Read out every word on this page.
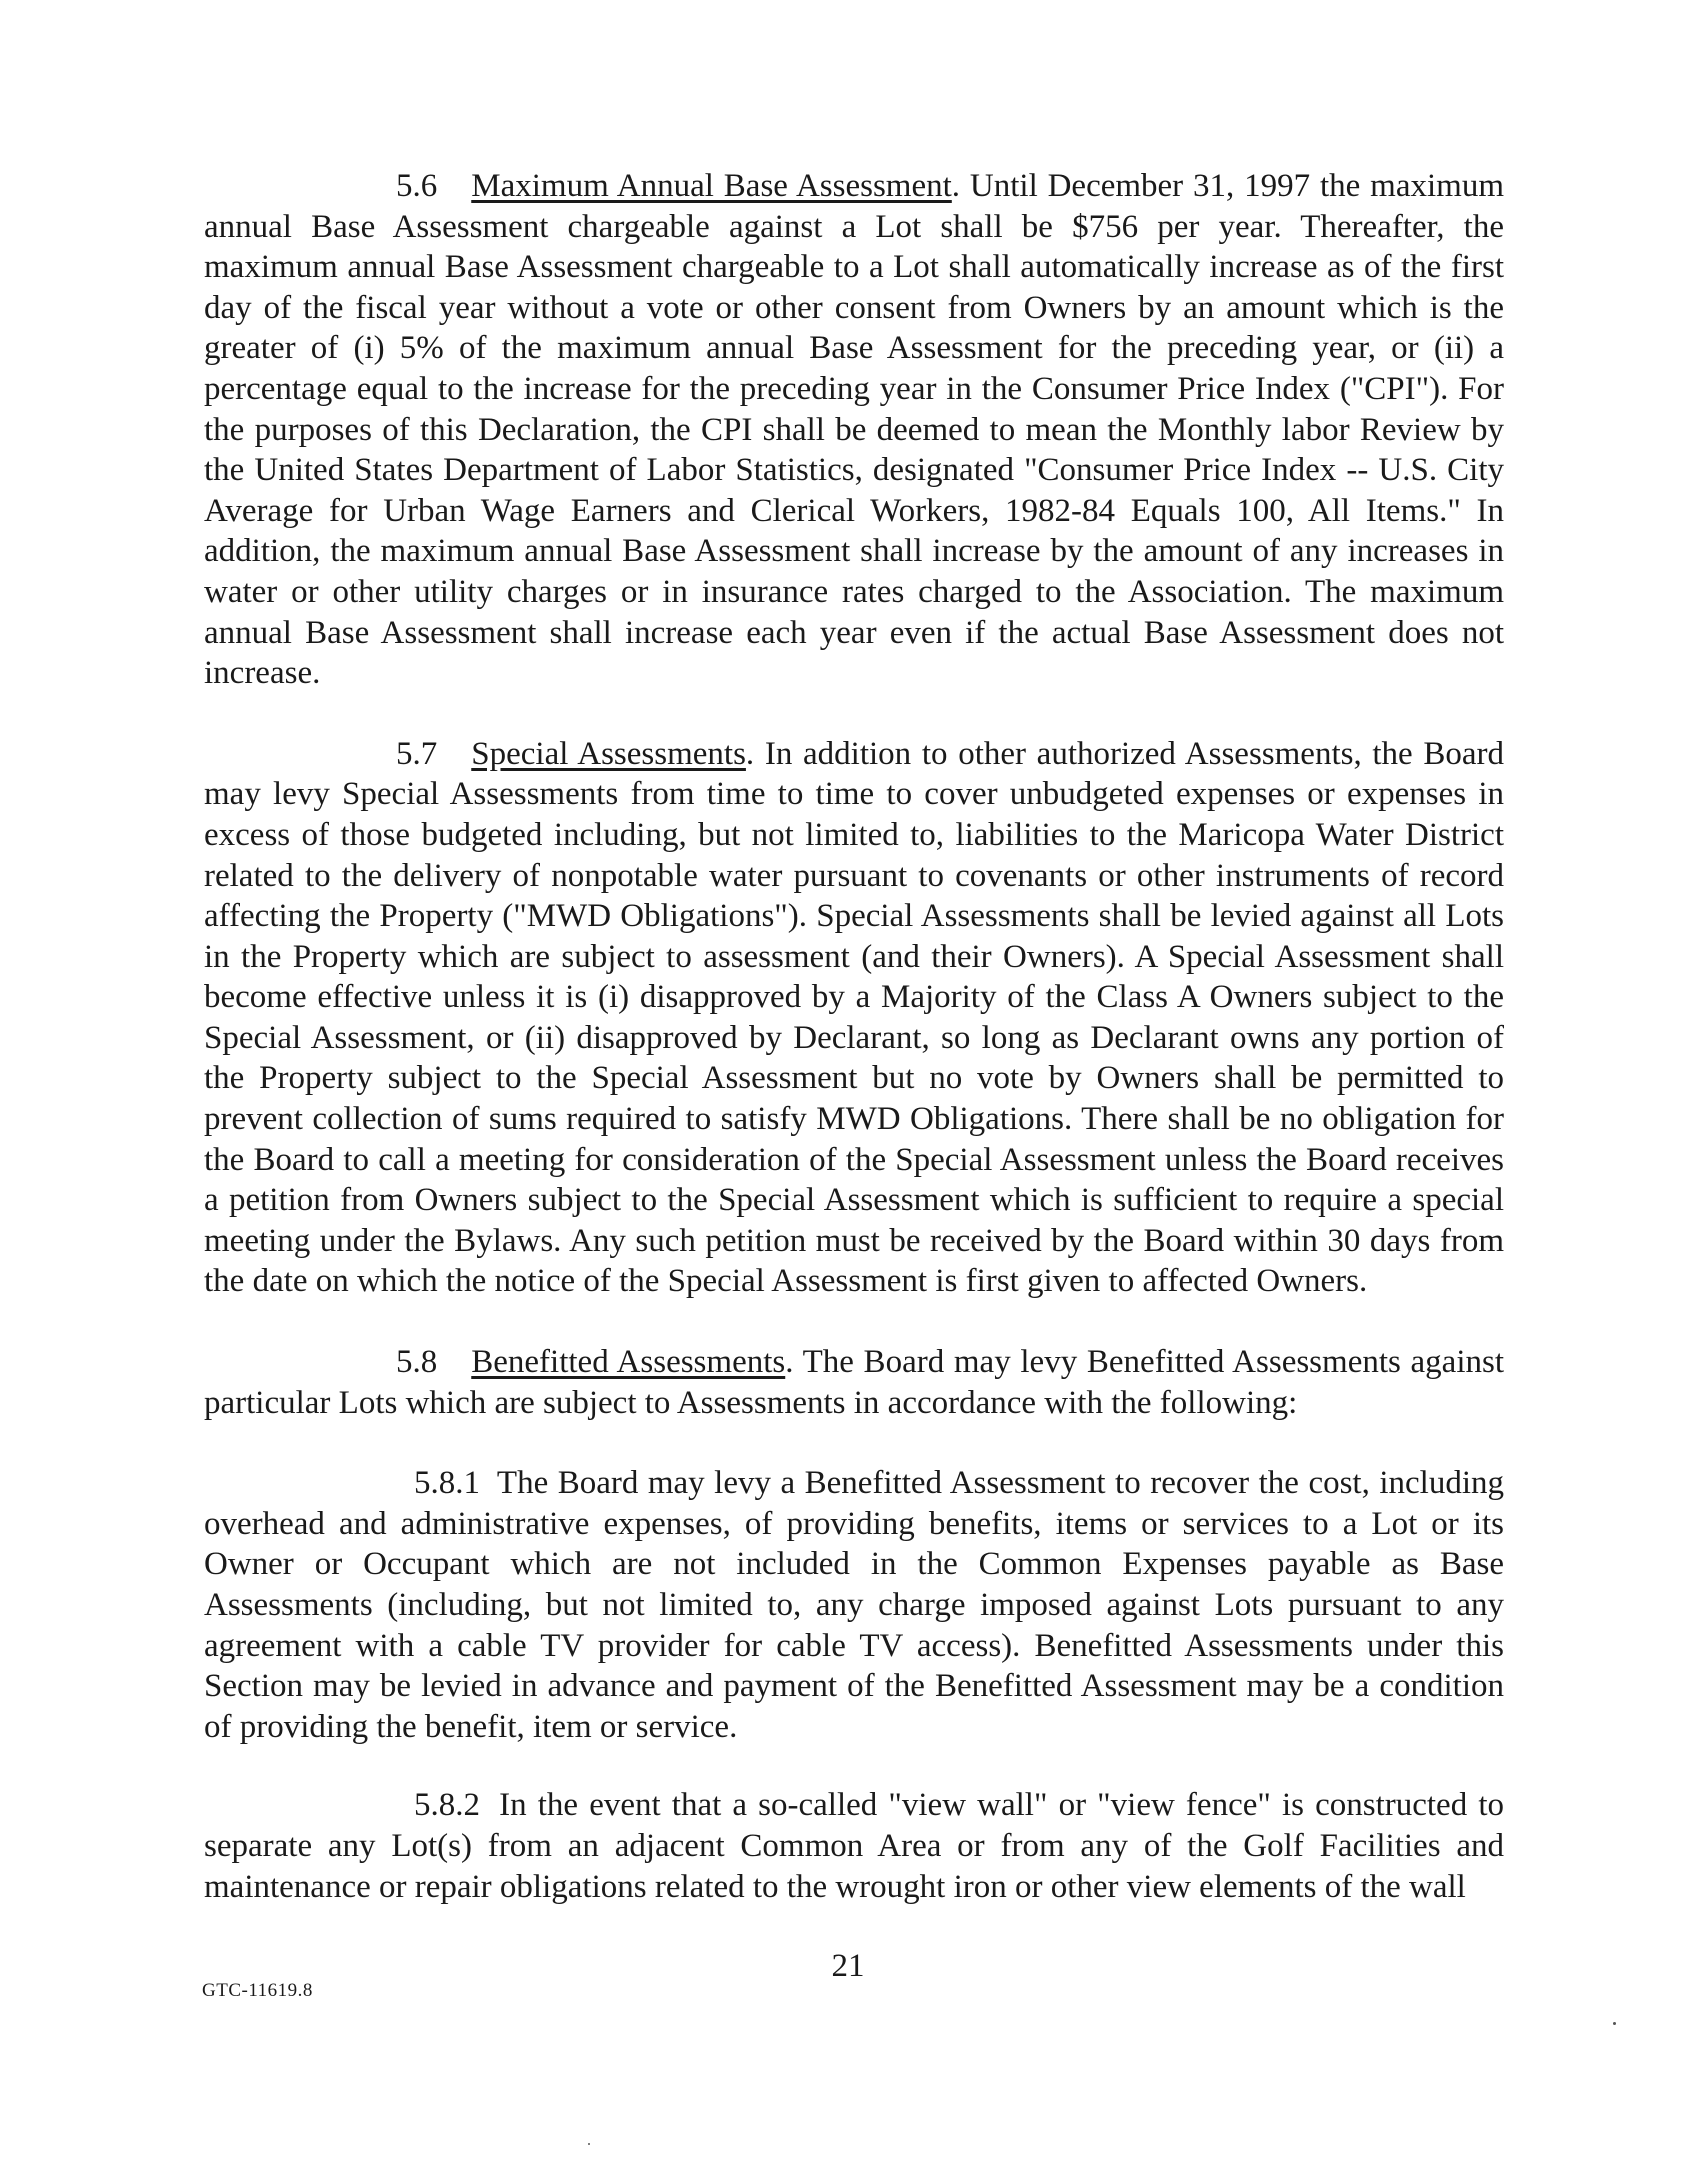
5.6 Maximum Annual Base Assessment. Until December 31, 1997 the maximum annual Base Assessment chargeable against a Lot shall be $756 per year. Thereafter, the maximum annual Base Assessment chargeable to a Lot shall automatically increase as of the first day of the fiscal year without a vote or other consent from Owners by an amount which is the greater of (i) 5% of the maximum annual Base Assessment for the preceding year, or (ii) a percentage equal to the increase for the preceding year in the Consumer Price Index ("CPI"). For the purposes of this Declaration, the CPI shall be deemed to mean the Monthly labor Review by the United States Department of Labor Statistics, designated "Consumer Price Index -- U.S. City Average for Urban Wage Earners and Clerical Workers, 1982-84 Equals 100, All Items." In addition, the maximum annual Base Assessment shall increase by the amount of any increases in water or other utility charges or in insurance rates charged to the Association. The maximum annual Base Assessment shall increase each year even if the actual Base Assessment does not increase.

5.7 Special Assessments. In addition to other authorized Assessments, the Board may levy Special Assessments from time to time to cover unbudgeted expenses or expenses in excess of those budgeted including, but not limited to, liabilities to the Maricopa Water District related to the delivery of nonpotable water pursuant to covenants or other instruments of record affecting the Property ("MWD Obligations"). Special Assessments shall be levied against all Lots in the Property which are subject to assessment (and their Owners). A Special Assessment shall become effective unless it is (i) disapproved by a Majority of the Class A Owners subject to the Special Assessment, or (ii) disapproved by Declarant, so long as Declarant owns any portion of the Property subject to the Special Assessment but no vote by Owners shall be permitted to prevent collection of sums required to satisfy MWD Obligations. There shall be no obligation for the Board to call a meeting for consideration of the Special Assessment unless the Board receives a petition from Owners subject to the Special Assessment which is sufficient to require a special meeting under the Bylaws. Any such petition must be received by the Board within 30 days from the date on which the notice of the Special Assessment is first given to affected Owners.

5.8 Benefitted Assessments. The Board may levy Benefitted Assessments against particular Lots which are subject to Assessments in accordance with the following:

5.8.1 The Board may levy a Benefitted Assessment to recover the cost, including overhead and administrative expenses, of providing benefits, items or services to a Lot or its Owner or Occupant which are not included in the Common Expenses payable as Base Assessments (including, but not limited to, any charge imposed against Lots pursuant to any agreement with a cable TV provider for cable TV access). Benefitted Assessments under this Section may be levied in advance and payment of the Benefitted Assessment may be a condition of providing the benefit, item or service.

5.8.2 In the event that a so-called "view wall" or "view fence" is constructed to separate any Lot(s) from an adjacent Common Area or from any of the Golf Facilities and maintenance or repair obligations related to the wrought iron or other view elements of the wall

21
GTC-11619.8
